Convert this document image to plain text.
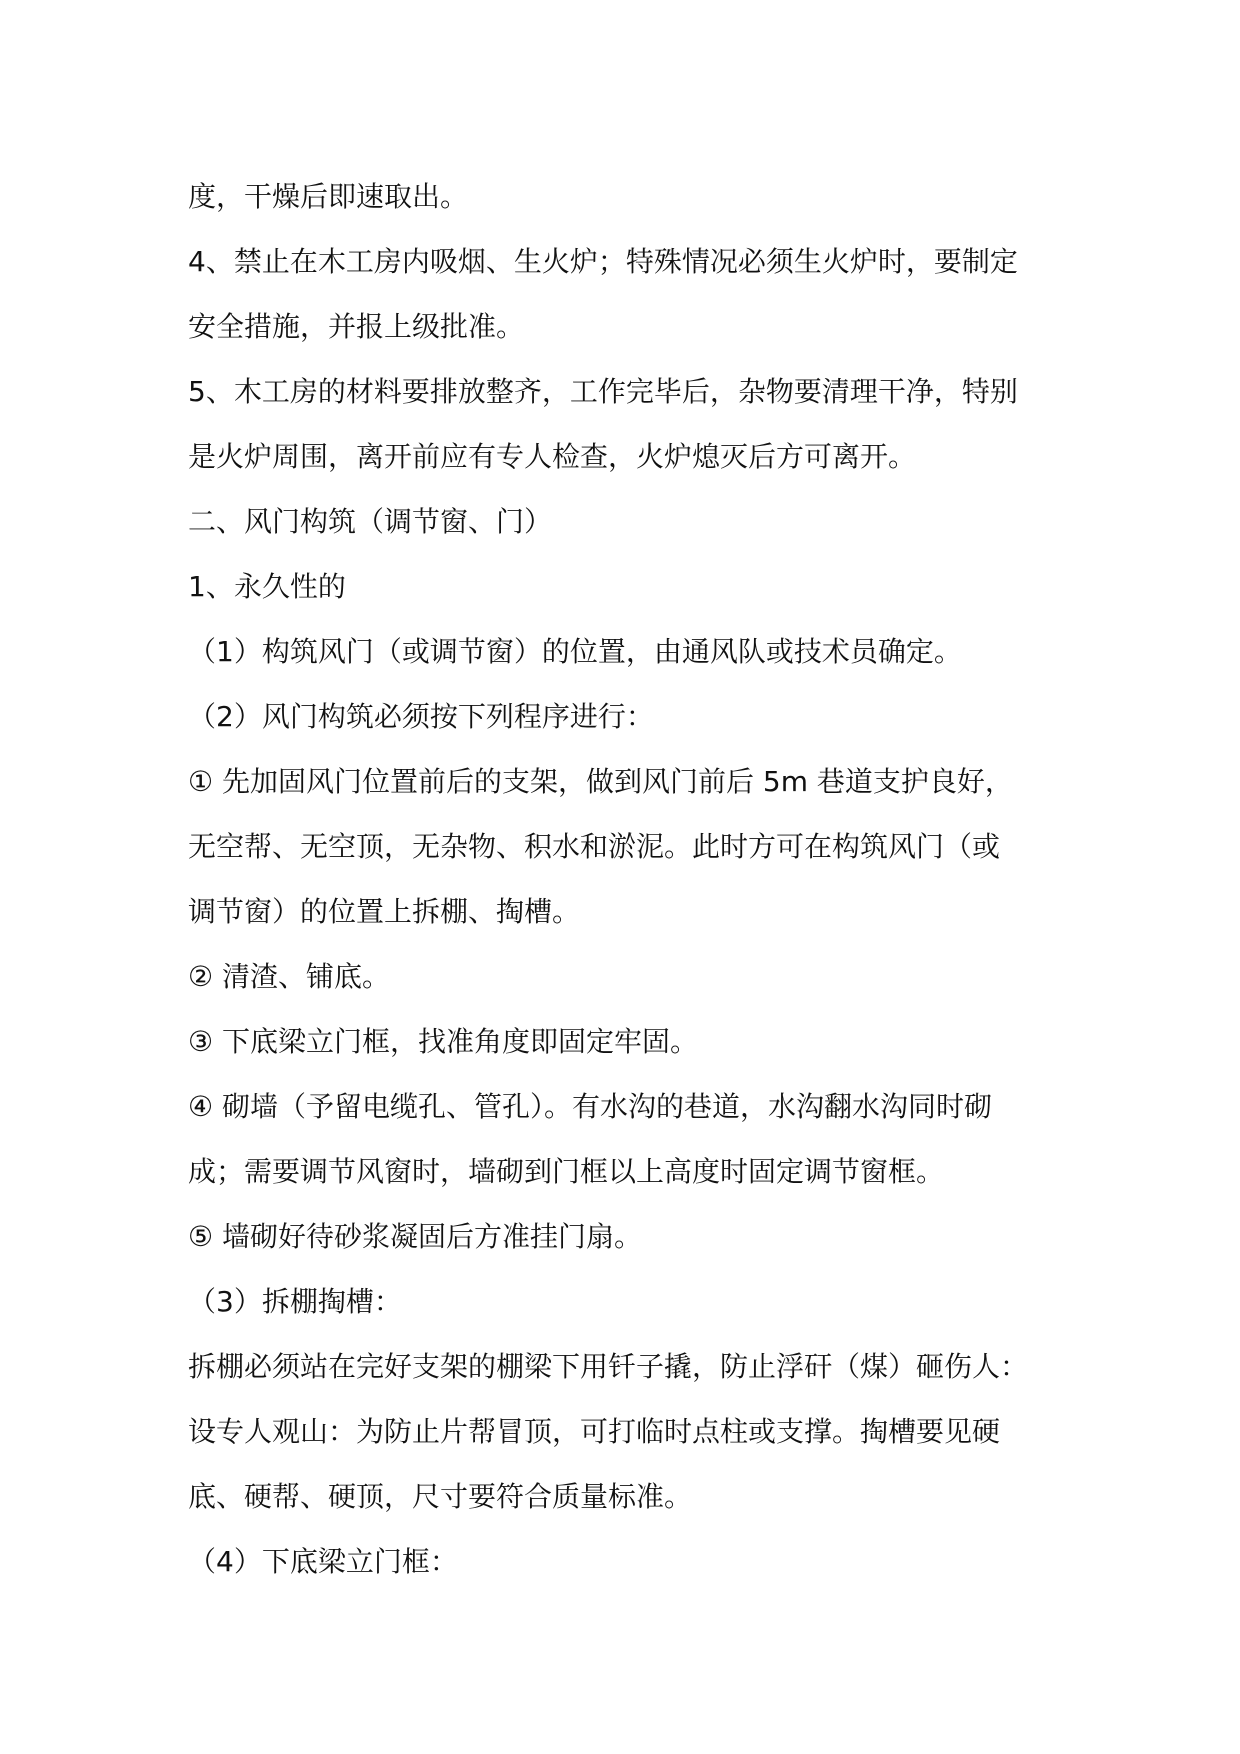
度，干燥后即速取出。

4、禁止在木工房内吸烟、生火炉；特殊情况必须生火炉时，要制定

安全措施，并报上级批准。

5、木工房的材料要排放整齐，工作完毕后，杂物要清理干净，特别

是火炉周围，离开前应有专人检查，火炉熄灭后方可离开。

二、风门构筑（调节窗、门）

1、永久性的

（1）构筑风门（或调节窗）的位置，由通风队或技术员确定。

（2）风门构筑必须按下列程序进行：

① 先加固风门位置前后的支架，做到风门前后 5m 巷道支护良好，

无空帮、无空顶，无杂物、积水和淤泥。此时方可在构筑风门（或

调节窗）的位置上拆棚、掏槽。

② 清渣、铺底。

③ 下底梁立门框，找准角度即固定牢固。

④ 砌墙（予留电缆孔、管孔）。有水沟的巷道，水沟翻水沟同时砌

成；需要调节风窗时，墙砌到门框以上高度时固定调节窗框。

⑤ 墙砌好待砂浆凝固后方准挂门扇。

（3）拆棚掏槽：

拆棚必须站在完好支架的棚梁下用钎子撬，防止浮矸（煤）砸伤人：

设专人观山：为防止片帮冒顶，可打临时点柱或支撑。掏槽要见硬

底、硬帮、硬顶，尺寸要符合质量标准。

（4）下底梁立门框：
